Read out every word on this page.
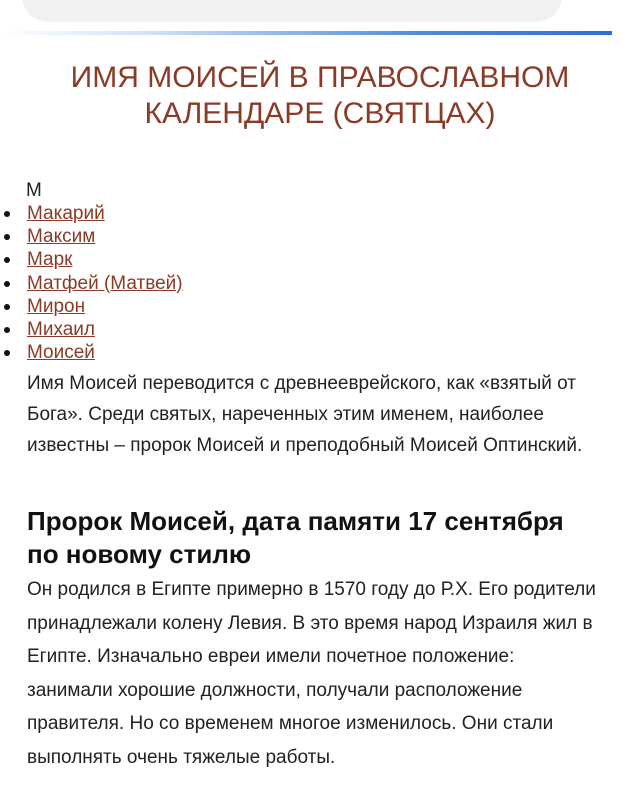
ИМЯ МОИСЕЙ В ПРАВОСЛАВНОМ КАЛЕНДАРЕ (СВЯТЦАХ)
М
Макарий
Максим
Марк
Матфей (Матвей)
Мирон
Михаил
Моисей

Имя Моисей переводится с древнееврейского, как «взятый от Бога». Среди святых, нареченных этим именем, наиболее известны – пророк Моисей и преподобный Моисей Оптинский.

Пророк Моисей, дата памяти 17 сентября по новому стилю

Он родился в Египте примерно в 1570 году до Р.Х. Его родители принадлежали колену Левия. В это время народ Израиля жил в Египте. Изначально евреи имели почетное положение: занимали хорошие должности, получали расположение правителя. Но со временем многое изменилось. Они стали выполнять очень тяжелые работы.
